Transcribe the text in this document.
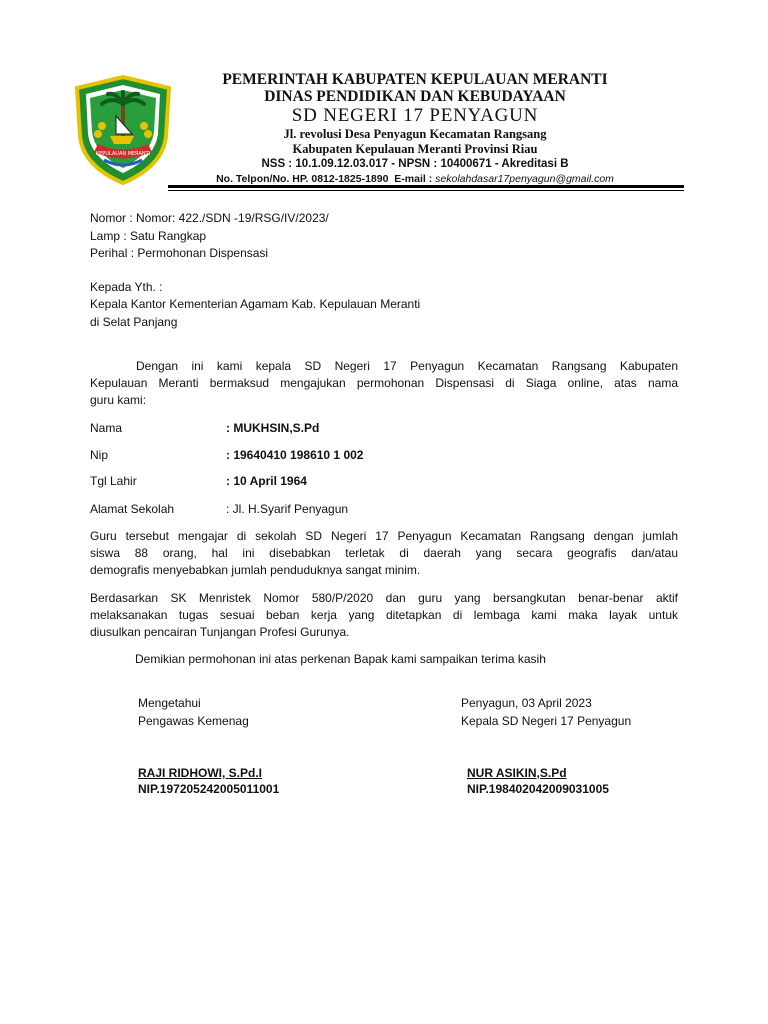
KEPULAUAN MERANTI
PEMERINTAH KABUPATEN KEPULAUAN MERANTI
DINAS PENDIDIKAN DAN KEBUDAYAAN
SD NEGERI 17 PENYAGUN
Jl. revolusi Desa Penyagun Kecamatan Rangsang
Kabupaten Kepulauan Meranti Provinsi Riau
NSS : 10.1.09.12.03.017 - NPSN : 10400671 - Akreditasi B
No. Telpon/No. HP. 0812-1825-1890 E-mail : sekolahdasar17penyagun@gmail.com
Nomor : Nomor: 422./SDN -19/RSG/IV/2023/
Lamp : Satu Rangkap
Perihal : Permohonan Dispensasi
Kepada Yth. :
Kepala Kantor Kementerian Agamam Kab. Kepulauan Meranti
di Selat Panjang
Dengan ini kami kepala SD Negeri 17 Penyagun Kecamatan Rangsang Kabupaten
Kepulauan Meranti bermaksud mengajukan permohonan Dispensasi di Siaga online, atas nama
guru kami:
Nama	: MUKHSIN,S.Pd
Nip	: 19640410 198610 1 002
Tgl Lahir	: 10 April 1964
Alamat Sekolah	: Jl. H.Syarif Penyagun
Guru tersebut mengajar di sekolah SD Negeri 17 Penyagun Kecamatan Rangsang dengan jumlah
siswa 88 orang, hal ini disebabkan terletak di daerah yang secara geografis dan/atau
demografis menyebabkan jumlah penduduknya sangat minim.
Berdasarkan SK Menristek Nomor 580/P/2020 dan guru yang bersangkutan benar-benar aktif
melaksanakan tugas sesuai beban kerja yang ditetapkan di lembaga kami maka layak untuk
diusulkan pencairan Tunjangan Profesi Gurunya.
Demikian permohonan ini atas perkenan Bapak kami sampaikan terima kasih
Mengetahui
Pengawas Kemenag
RAJI RIDHOWI, S.Pd.I
NIP.197205242005011001
Penyagun, 03 April 2023
Kepala SD Negeri 17 Penyagun
NUR ASIKIN,S.Pd
NIP.198402042009031005
